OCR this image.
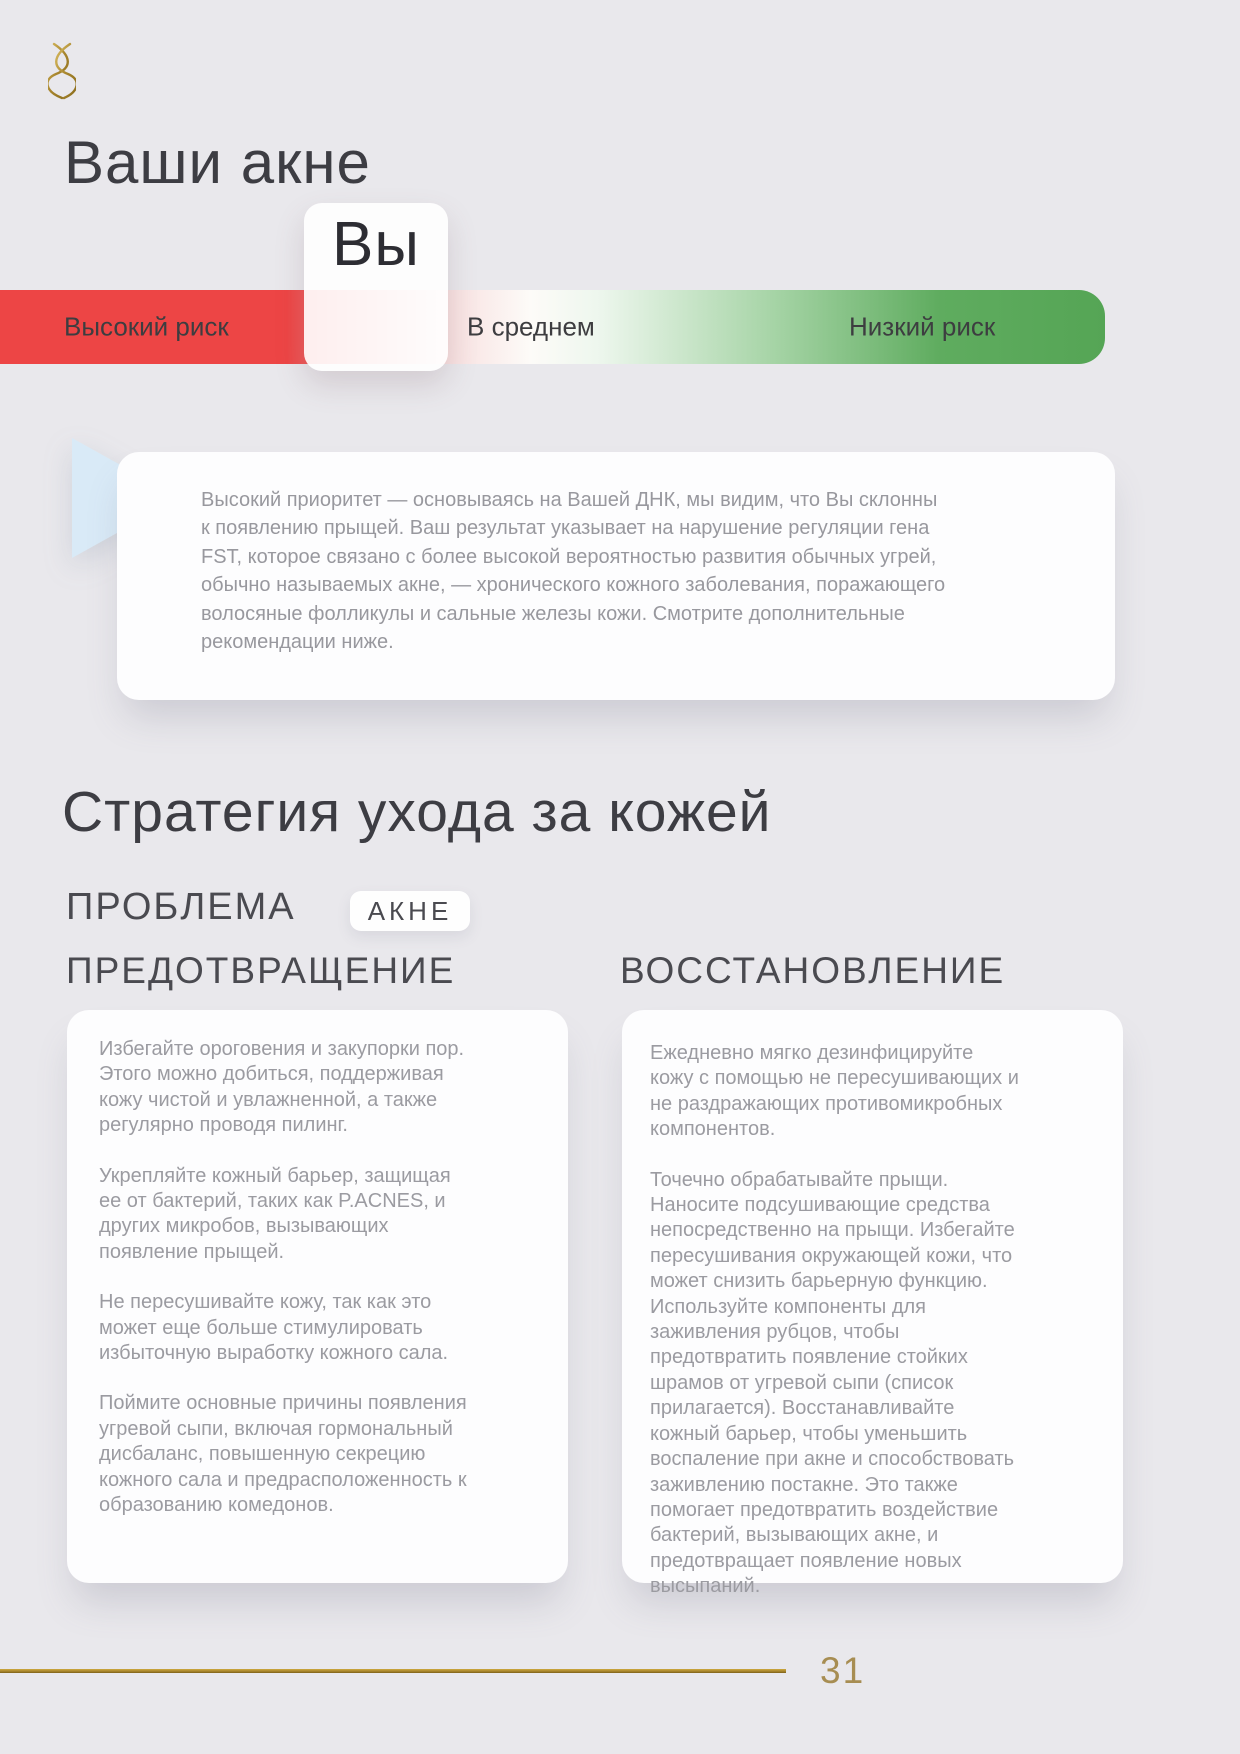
Ваши акне
Высокий риск	В среднем	Низкий риск
Вы
Высокий приоритет — основываясь на Вашей ДНК, мы видим, что Вы склонны
к появлению прыщей. Ваш результат указывает на нарушение регуляции гена
FST, которое связано с более высокой вероятностью развития обычных угрей,
обычно называемых акне, — хронического кожного заболевания, поражающего
волосяные фолликулы и сальные железы кожи. Смотрите дополнительные
рекомендации ниже.
Стратегия ухода за кожей
ПРОБЛЕМА	АКНЕ
ПРЕДОТВРАЩЕНИЕ	ВОССТАНОВЛЕНИЕ

Избегайте ороговения и закупорки пор. Этого можно добиться, поддерживая кожу чистой и увлажненной, а также регулярно проводя пилинг.

Укрепляйте кожный барьер, защищая ее от бактерий, таких как P.ACNES, и других микробов, вызывающих появление прыщей.

Не пересушивайте кожу, так как это может еще больше стимулировать избыточную выработку кожного сала.

Поймите основные причины появления угревой сыпи, включая гормональный дисбаланс, повышенную секрецию кожного сала и предрасположенность к образованию комедонов.

Ежедневно мягко дезинфицируйте кожу с помощью не пересушивающих и не раздражающих противомикробных компонентов.

Точечно обрабатывайте прыщи. Наносите подсушивающие средства непосредственно на прыщи. Избегайте пересушивания окружающей кожи, что может снизить барьерную функцию. Используйте компоненты для заживления рубцов, чтобы предотвратить появление стойких шрамов от угревой сыпи (список прилагается). Восстанавливайте кожный барьер, чтобы уменьшить воспаление при акне и способствовать заживлению постакне. Это также помогает предотвратить воздействие бактерий, вызывающих акне, и предотвращает появление новых высыпаний.

31
